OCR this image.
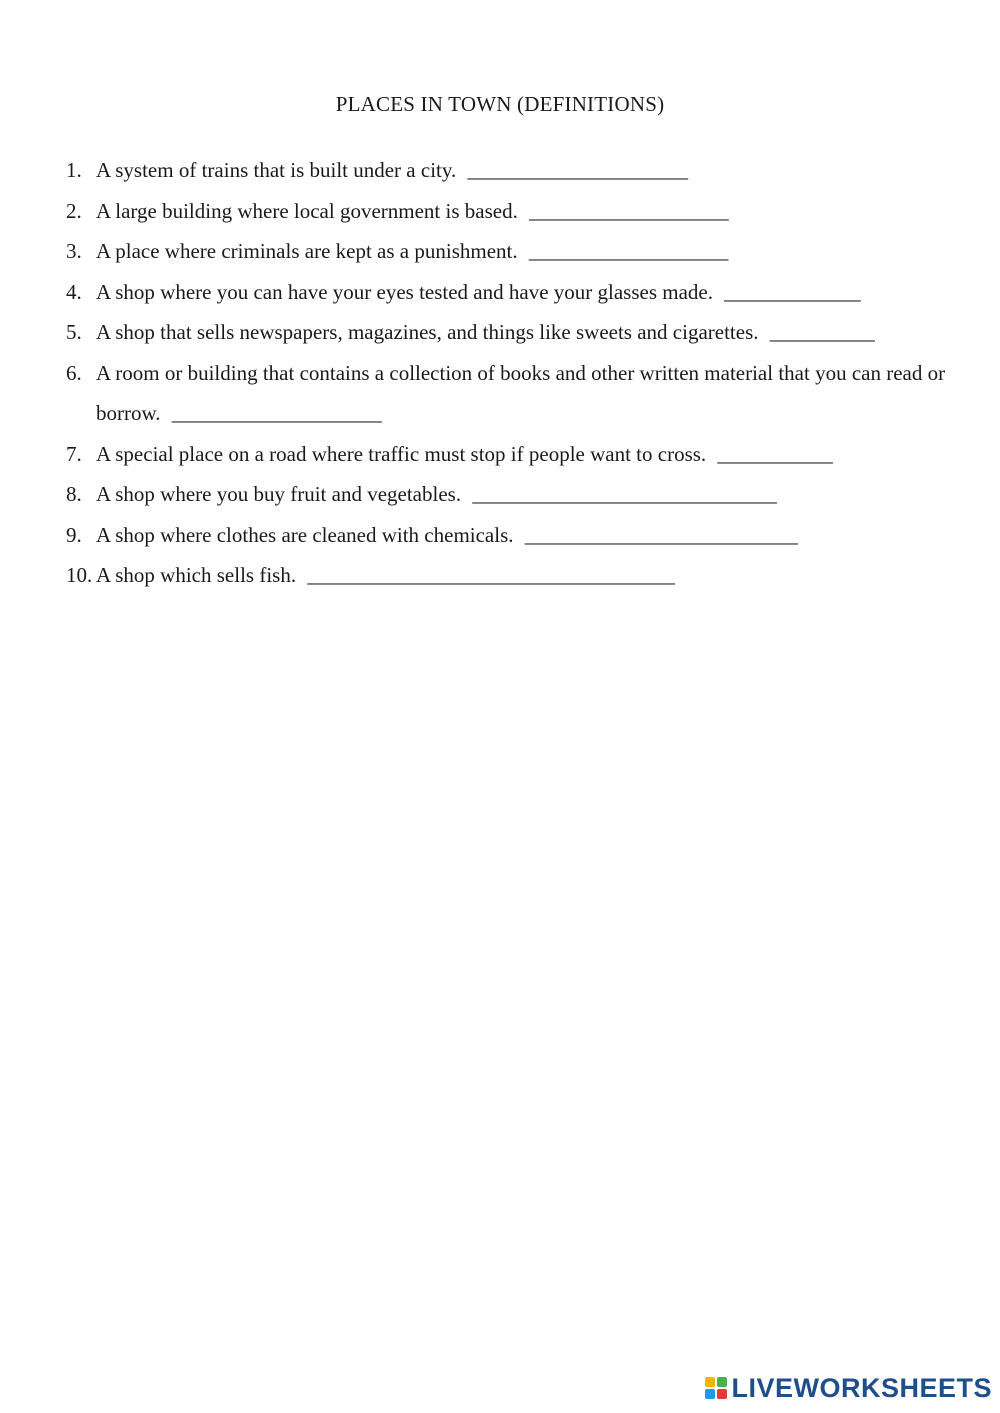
PLACES IN TOWN (DEFINITIONS)
1. A system of trains that is built under a city. _____________________
2. A large building where local government is based. ___________________
3. A place where criminals are kept as a punishment. ___________________
4. A shop where you can have your eyes tested and have your glasses made. _____________
5. A shop that sells newspapers, magazines, and things like sweets and cigarettes. __________
6. A room or building that contains a collection of books and other written material that you can read or borrow. ____________________
7. A special place on a road where traffic must stop if people want to cross. ___________
8. A shop where you buy fruit and vegetables. _____________________________
9. A shop where clothes are cleaned with chemicals. __________________________
10. A shop which sells fish. ___________________________________
LIVEWORKSHEETS
